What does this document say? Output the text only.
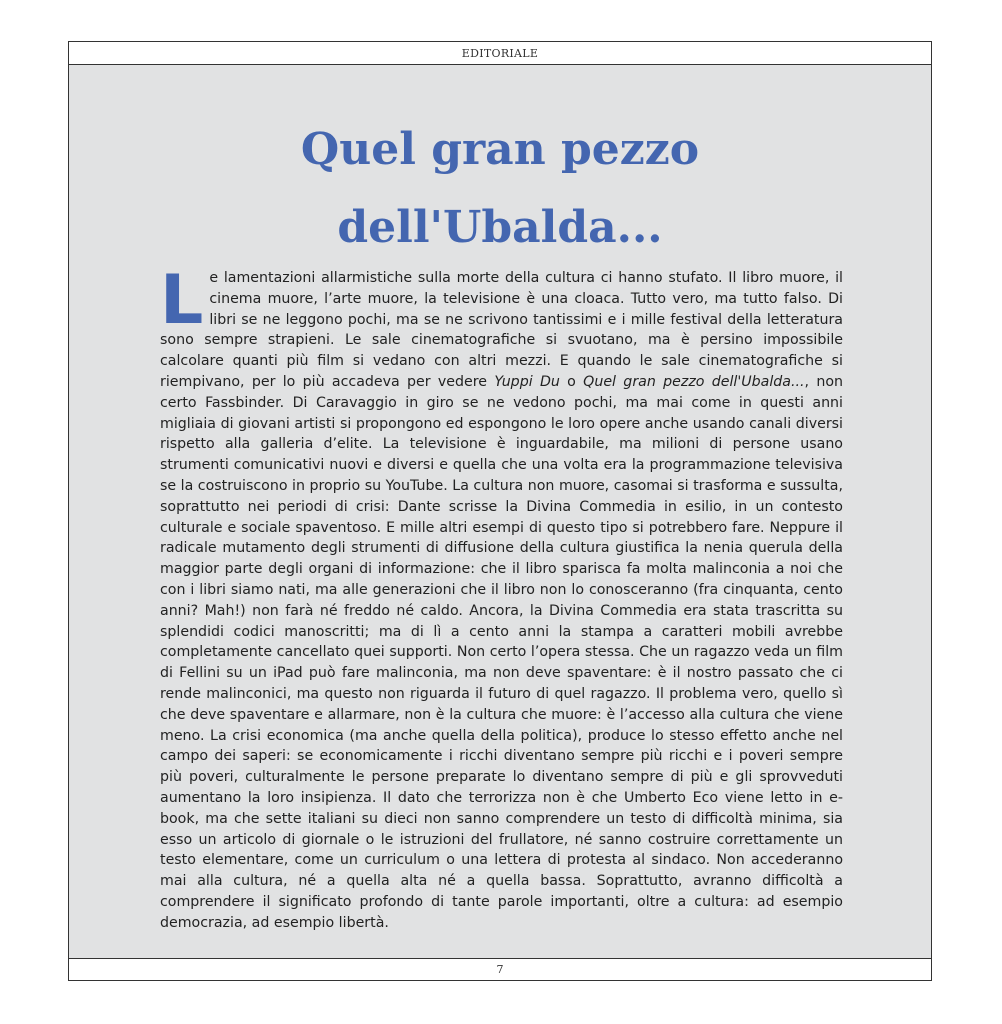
EDITORIALE
Quel gran pezzo
dell'Ubalda...

Le lamentazioni allarmistiche sulla morte della cultura ci hanno stufato. Il libro muore, il cinema muore, l’arte muore, la televisione è una cloaca. Tutto vero, ma tutto falso. Di libri se ne leggono pochi, ma se ne scrivono tantissimi e i mille festival della letteratura sono sempre strapieni. Le sale cinematografiche si svuotano, ma è persino impossibile calcolare quanti più film si vedano con altri mezzi. E quando le sale cinematografiche si riempivano, per lo più accadeva per vedere Yuppi Du o Quel gran pezzo dell'Ubalda..., non certo Fassbinder. Di Caravaggio in giro se ne vedono pochi, ma mai come in questi anni migliaia di giovani artisti si propongono ed espongono le loro opere anche usando canali diversi rispetto alla galleria d’elite. La televisione è inguardabile, ma milioni di persone usano strumenti comunicativi nuovi e diversi e quella che una volta era la programmazione televisiva se la costruiscono in proprio su YouTube. La cultura non muore, casomai si trasforma e sussulta, soprattutto nei periodi di crisi: Dante scrisse la Divina Commedia in esilio, in un contesto culturale e sociale spaventoso. E mille altri esempi di questo tipo si potrebbero fare. Neppure il radicale mutamento degli strumenti di diffusione della cultura giustifica la nenia querula della maggior parte degli organi di informazione: che il libro sparisca fa molta malinconia a noi che con i libri siamo nati, ma alle generazioni che il libro non lo conosceranno (fra cinquanta, cento anni? Mah!) non farà né freddo né caldo. Ancora, la Divina Commedia era stata trascritta su splendidi codici manoscritti; ma di lì a cento anni la stampa a caratteri mobili avrebbe completamente cancellato quei supporti. Non certo l’opera stessa. Che un ragazzo veda un film di Fellini su un iPad può fare malinconia, ma non deve spaventare: è il nostro passato che ci rende malinconici, ma questo non riguarda il futuro di quel ragazzo. Il problema vero, quello sì che deve spaventare e allarmare, non è la cultura che muore: è l’accesso alla cultura che viene meno. La crisi economica (ma anche quella della politica), produce lo stesso effetto anche nel campo dei saperi: se economicamente i ricchi diventano sempre più ricchi e i poveri sempre più poveri, culturalmente le persone preparate lo diventano sempre di più e gli sprovveduti aumentano la loro insipienza. Il dato che terrorizza non è che Umberto Eco viene letto in e-book, ma che sette italiani su dieci non sanno comprendere un testo di difficoltà minima, sia esso un articolo di giornale o le istruzioni del frullatore, né sanno costruire correttamente un testo elementare, come un curriculum o una lettera di protesta al sindaco. Non accederanno mai alla cultura, né a quella alta né a quella bassa. Soprattutto, avranno difficoltà a comprendere il significato profondo di tante parole importanti, oltre a cultura: ad esempio democrazia, ad esempio libertà.

7
